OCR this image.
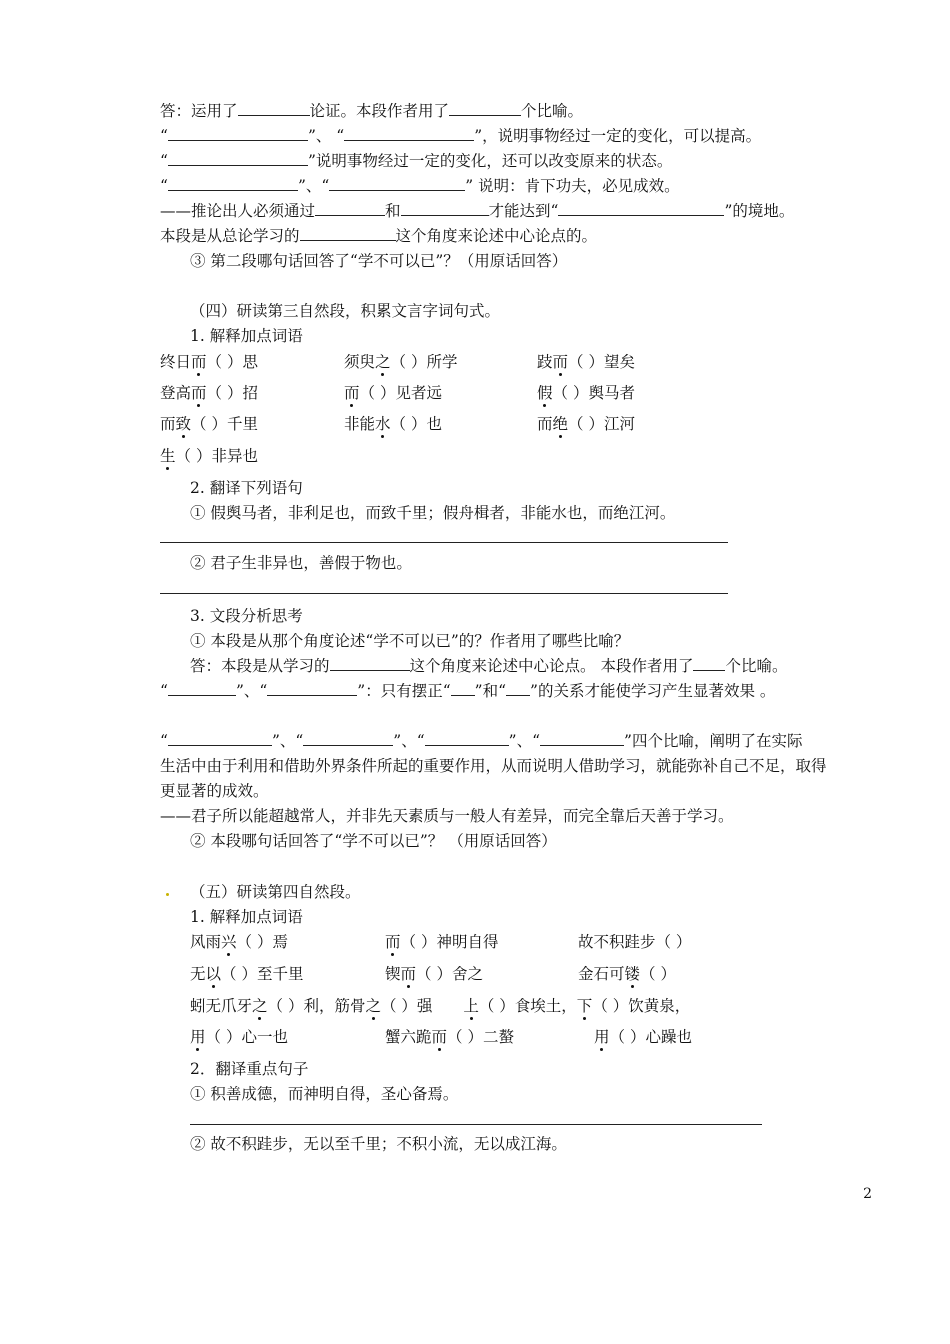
答：运用了	论证。本段作者用了	个比喻。
“	”、 “	”，说明事物经过一定的变化，可以提高。
“	”说明事物经过一定的变化，还可以改变原来的状态。
“	”、“	” 说明：肯下功夫，必见成效。
——推论出人必须通过	和	才能达到“	”的境地。
本段是从总论学习的	这个角度来论述中心论点的。
③ 第二段哪句话回答了“学不可以已”？（用原话回答）
（四）研读第三自然段，积累文言字词句式。
1. 解释加点词语
终日而（ ）思	须臾之（ ）所学	跂而（ ）望矣
登高而（ ）招	而（ ）见者远	假（ ）舆马者
而致（ ）千里	非能水（ ）也	而绝（ ）江河
生（ ）非异也
2. 翻译下列语句
① 假舆马者，非利足也，而致千里；假舟楫者，非能水也，而绝江河。
② 君子生非异也，善假于物也。
3. 文段分析思考
① 本段是从那个角度论述“学不可以已”的？作者用了哪些比喻？
答：本段是从学习的	这个角度来论述中心论点。 本段作者用了 个比喻。
“	”、“	”：只有摆正“ ”和“ ”的关系才能使学习产生显著效果 。
“	”、“	”、“	”、“	”四个比喻，阐明了在实际
生活中由于利用和借助外界条件所起的重要作用，从而说明人借助学习，就能弥补自己不足，取得
更显著的成效。
——君子所以能超越常人，并非先天素质与一般人有差异，而完全靠后天善于学习。
② 本段哪句话回答了“学不可以已”？ （用原话回答）
（五）研读第四自然段。
1. 解释加点词语
风雨兴（ ）焉	而（ ）神明自得	故不积跬步（ ）
无以（ ）至千里	锲而（ ）舍之	金石可镂（ ）
蚓无爪牙之（ ）利，筋骨之（ ）强 上（ ）食埃土，下（ ）饮黄泉，
用（ ）心一也	蟹六跪而（ ）二螯	用（ ）心躁也
2．翻译重点句子
① 积善成德，而神明自得，圣心备焉。
② 故不积跬步，无以至千里；不积小流，无以成江海。
2
